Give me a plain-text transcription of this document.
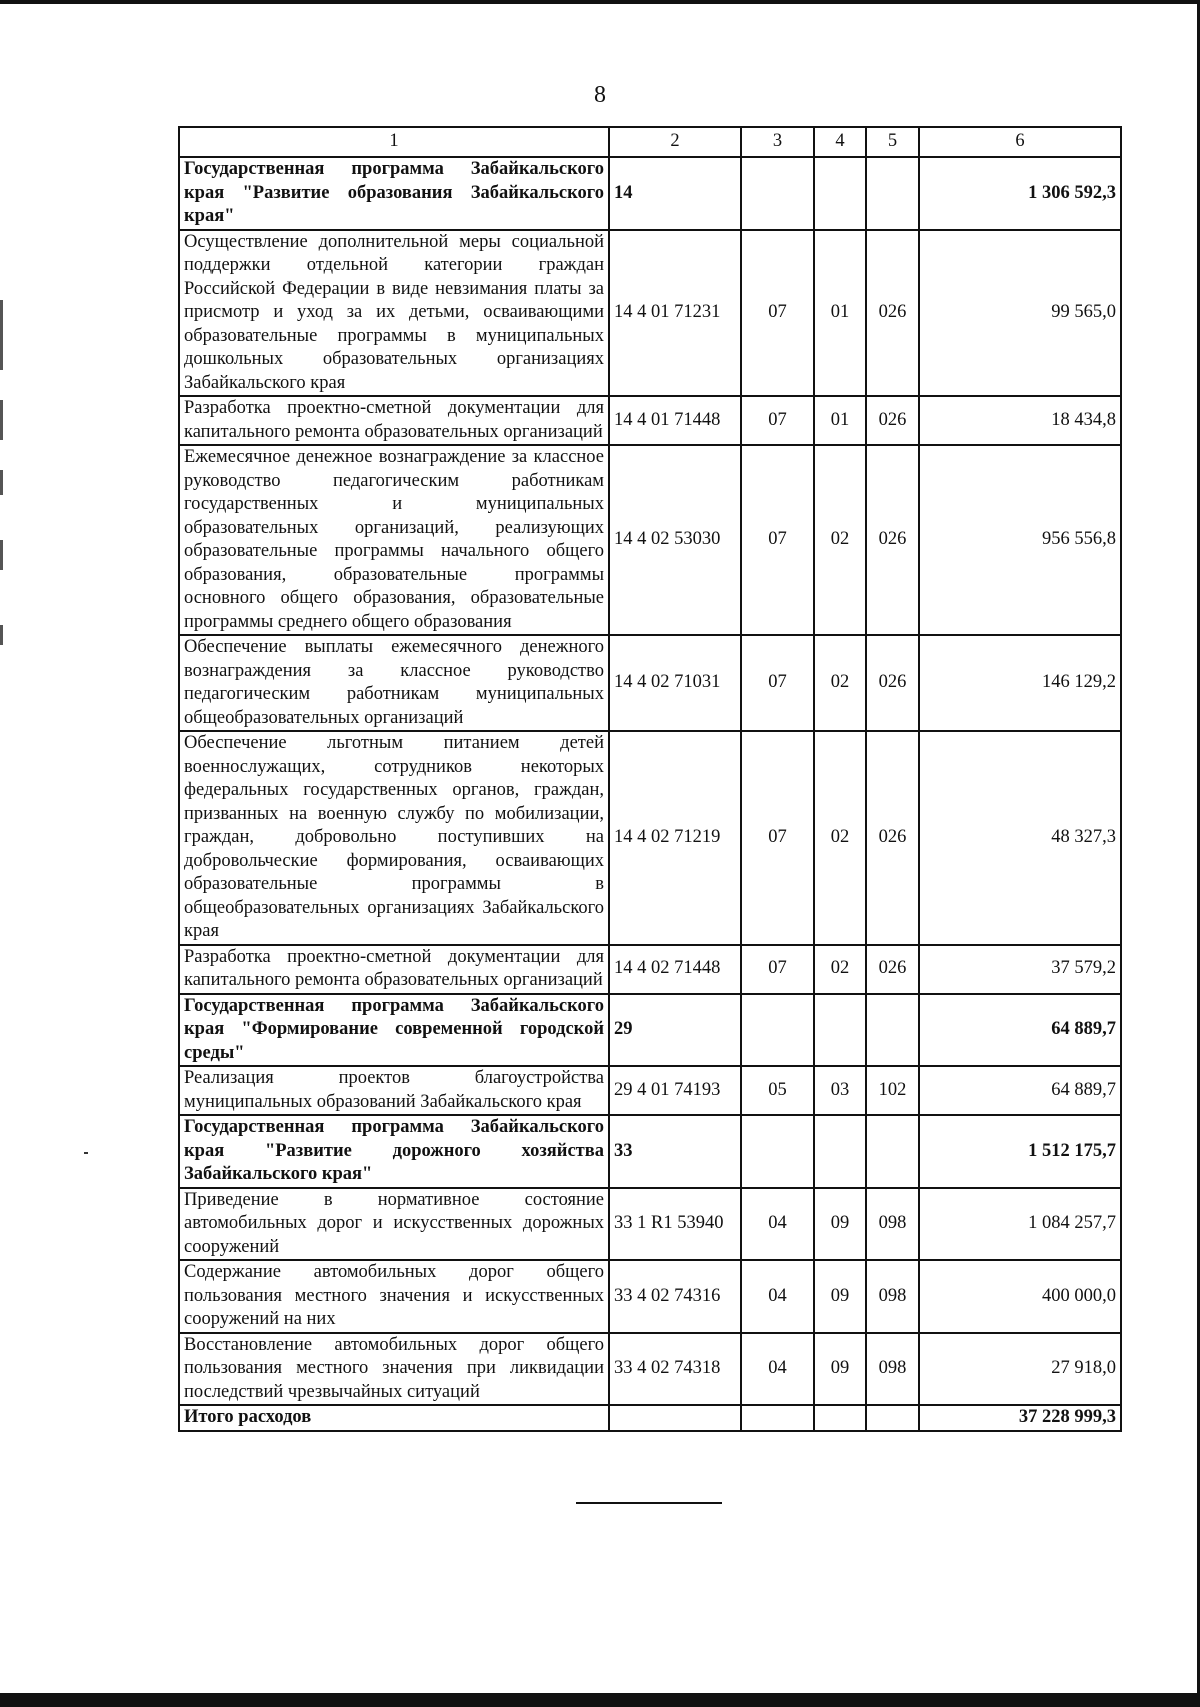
8
1	2	3	4	5	6
Государственная программа Забайкальского края "Развитие образования Забайкальского края"	14				1 306 592,3
Осуществление дополнительной меры социальной поддержки отдельной категории граждан Российской Федерации в виде невзимания платы за присмотр и уход за их детьми, осваивающими образовательные программы в муниципальных дошкольных образовательных организациях Забайкальского края	14 4 01 71231	07	01	026	99 565,0
Разработка проектно-сметной документации для капитального ремонта образовательных организаций	14 4 01 71448	07	01	026	18 434,8
Ежемесячное денежное вознаграждение за классное руководство педагогическим работникам государственных и муниципальных образовательных организаций, реализующих образовательные программы начального общего образования, образовательные программы основного общего образования, образовательные программы среднего общего образования	14 4 02 53030	07	02	026	956 556,8
Обеспечение выплаты ежемесячного денежного вознаграждения за классное руководство педагогическим работникам муниципальных общеобразовательных организаций	14 4 02 71031	07	02	026	146 129,2
Обеспечение льготным питанием детей военнослужащих, сотрудников некоторых федеральных государственных органов, граждан, призванных на военную службу по мобилизации, граждан, добровольно поступивших на добровольческие формирования, осваивающих образовательные программы в общеобразовательных организациях Забайкальского края	14 4 02 71219	07	02	026	48 327,3
Разработка проектно-сметной документации для капитального ремонта образовательных организаций	14 4 02 71448	07	02	026	37 579,2
Государственная программа Забайкальского края "Формирование современной городской среды"	29				64 889,7
Реализация проектов благоустройства муниципальных образований Забайкальского края	29 4 01 74193	05	03	102	64 889,7
Государственная программа Забайкальского края "Развитие дорожного хозяйства Забайкальского края"	33				1 512 175,7
Приведение в нормативное состояние автомобильных дорог и искусственных дорожных сооружений	33 1 R1 53940	04	09	098	1 084 257,7
Содержание автомобильных дорог общего пользования местного значения и искусственных сооружений на них	33 4 02 74316	04	09	098	400 000,0
Восстановление автомобильных дорог общего пользования местного значения при ликвидации последствий чрезвычайных ситуаций	33 4 02 74318	04	09	098	27 918,0
Итого расходов					37 228 999,3
